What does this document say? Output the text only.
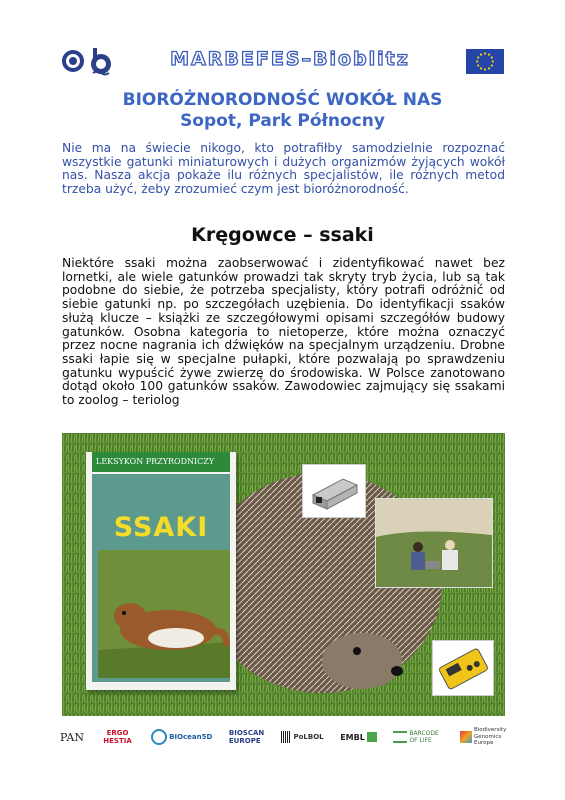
MARBEFES–Bioblitz
BIORÓŻNORODNOŚĆ WOKÓŁ NAS
Sopot, Park Północny
Nie ma na świecie nikogo, kto potrafiłby samodzielnie rozpoznać wszystkie gatunki miniaturowych i dużych organizmów żyjących wokół nas. Nasza akcja pokaże ilu różnych specjalistów, ile różnych metod trzeba użyć, żeby zrozumieć czym jest bioróżnorodność.
Kręgowce – ssaki
Niektóre ssaki można zaobserwować i zidentyfikować nawet bez lornetki, ale wiele gatunków prowadzi tak skryty tryb życia, lub są tak podobne do siebie, że potrzeba specjalisty, który potrafi odróżnić od siebie gatunki np. po szczegółach uzębienia. Do identyfikacji ssaków służą klucze – książki ze szczegółowymi opisami szczegółów budowy gatunków. Osobna kategoria to nietoperze, które można oznaczyć przez nocne nagrania ich dźwięków na specjalnym urządzeniu. Drobne ssaki łapie się w specjalne pułapki, które pozwalają po sprawdzeniu gatunku wypuścić żywe zwierzę do środowiska. W Polsce zanotowano dotąd około 100 gatunków ssaków. Zawodowiec zajmujący się ssakami to zoolog – teriolog
LEKSYKON PRZYRODNICZY
SSAKI
PAN	ERGO HESTIA	BIOcean5D BIOSCAN EUROPE	PoLBOL EMBL	BARCODE OF LIFE
Biodiversity Genomics Europe
